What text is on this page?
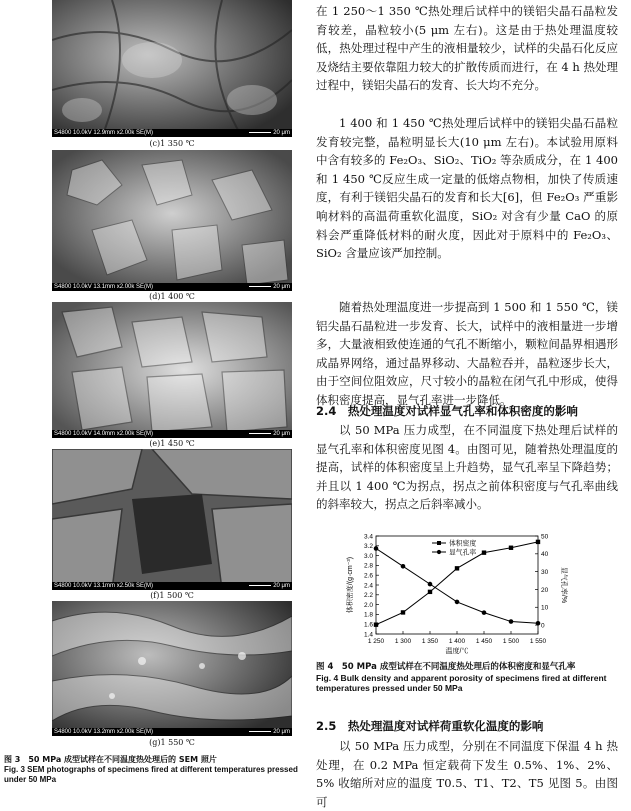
S4800 10.0kV 12.9mm x2.00k SE(M)	20 μm
(c)1 350 ℃
S4800 10.0kV 13.1mm x2.00k SE(M)	20 μm
(d)1 400 ℃
S4800 10.0kV 14.0mm x2.00k SE(M)	20 μm
(e)1 450 ℃
S4800 10.0kV 13.1mm x2.50k SE(M)	20 μm
(f)1 500 ℃
S4800 10.0kV 13.2mm x2.00k SE(M)	20 μm
(g)1 550 ℃
图 3　50 MPa 成型试样在不同温度热处理后的 SEM 照片
Fig. 3 SEM photographs of specimens fired at different temperatures pressed under 50 MPa

在 1 250～1 350 ℃热处理后试样中的镁铝尖晶石晶粒发育较差，晶粒较小(5 μm 左右)。这是由于热处理温度较低，热处理过程中产生的液相量较少，试样的尖晶石化反应及烧结主要依靠阻力较大的扩散传质而进行，在 4 h 热处理过程中，镁铝尖晶石的发育、长大均不充分。

1 400 和 1 450 ℃热处理后试样中的镁铝尖晶石晶粒发育较完整，晶粒明显长大(10 μm 左右)。本试验用原料中含有较多的 Fe₂O₃、SiO₂、TiO₂ 等杂质成分，在 1 400 和 1 450 ℃反应生成一定量的低熔点物相，加快了传质速度，有利于镁铝尖晶石的发育和长大[6]，但 Fe₂O₃ 严重影响材料的高温荷重软化温度，SiO₂ 对含有少量 CaO 的原料会严重降低材料的耐火度，因此对于原料中的 Fe₂O₃、SiO₂ 含量应该严加控制。

随着热处理温度进一步提高到 1 500 和 1 550 ℃，镁铝尖晶石晶粒进一步发育、长大，试样中的液相量进一步增多，大量液相致使连通的气孔不断缩小，颗粒间晶界相遇形成晶界网络，通过晶界移动、大晶粒吞并，晶粒逐步长大，由于空间位阻效应，尺寸较小的晶粒在闭气孔中形成，使得体积密度提高，显气孔率进一步降低。

2.4　热处理温度对试样显气孔率和体积密度的影响

以 50 MPa 压力成型，在不同温度下热处理后试样的显气孔率和体积密度见图 4。由图可见，随着热处理温度的提高，试样的体积密度呈上升趋势，显气孔率呈下降趋势；并且以 1 400 ℃为拐点，拐点之前体积密度与气孔率曲线的斜率较大，拐点之后斜率减小。

1 250 1 300 1 350 1 400 1 450 1 500 1 550
1.4
1.6
1.8
2.0
2.2
2.4
2.6
2.8
3.0
3.2
3.4
0
10
20
30
40
50
温度/℃
体积密度/(g·cm⁻³)	显气孔率/%
体积密度
显气孔率
图 4　50 MPa 成型试样在不同温度热处理后的体积密度和显气孔率
Fig. 4 Bulk density and apparent porosity of specimens fired at different temperatures pressed under 50 MPa
2.5　热处理温度对试样荷重软化温度的影响

以 50 MPa 压力成型，分别在不同温度下保温 4 h 热处理，在 0.2 MPa 恒定载荷下发生 0.5%、1%、2%、5% 收缩所对应的温度 T0.5、T1、T2、T5 见图 5。由图可
